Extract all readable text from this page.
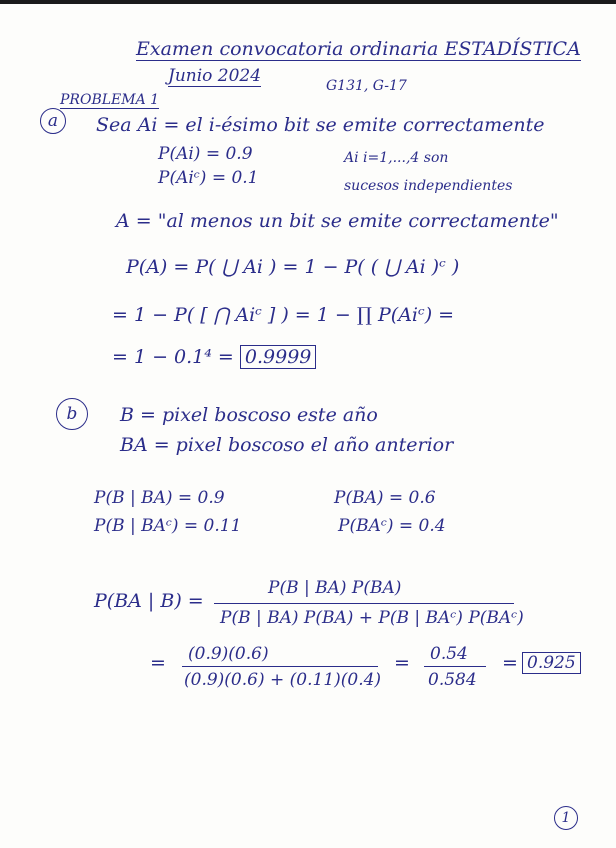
Examen convocatoria ordinaria ESTADÍSTICA
Junio 2024	G131, G-17
PROBLEMA 1
a Sea Ai = el i-ésimo bit se emite correctamente
P(Ai) = 0.9
P(Aiᶜ) = 0.1
Ai i=1,...,4 son
sucesos independientes
A = "al menos un bit se emite correctamente"
P(A) = P( ⋃ Ai ) = 1 − P( ( ⋃ Ai )ᶜ )
= 1 − P( [ ⋂ Aiᶜ ] ) = 1 − ∏ P(Aiᶜ) =
= 1 − 0.1⁴ = 0.9999
b B = pixel boscoso este año
BA = pixel boscoso el año anterior
P(B | BA) = 0.9
P(B | BAᶜ) = 0.11
P(BA) = 0.6
P(BAᶜ) = 0.4
P(BA | B) =
P(B | BA) P(BA)
P(B | BA) P(BA) + P(B | BAᶜ) P(BAᶜ)
= (0.9)(0.6)
(0.9)(0.6) + (0.11)(0.4)
= 0.54
0.584
= 0.925
1
